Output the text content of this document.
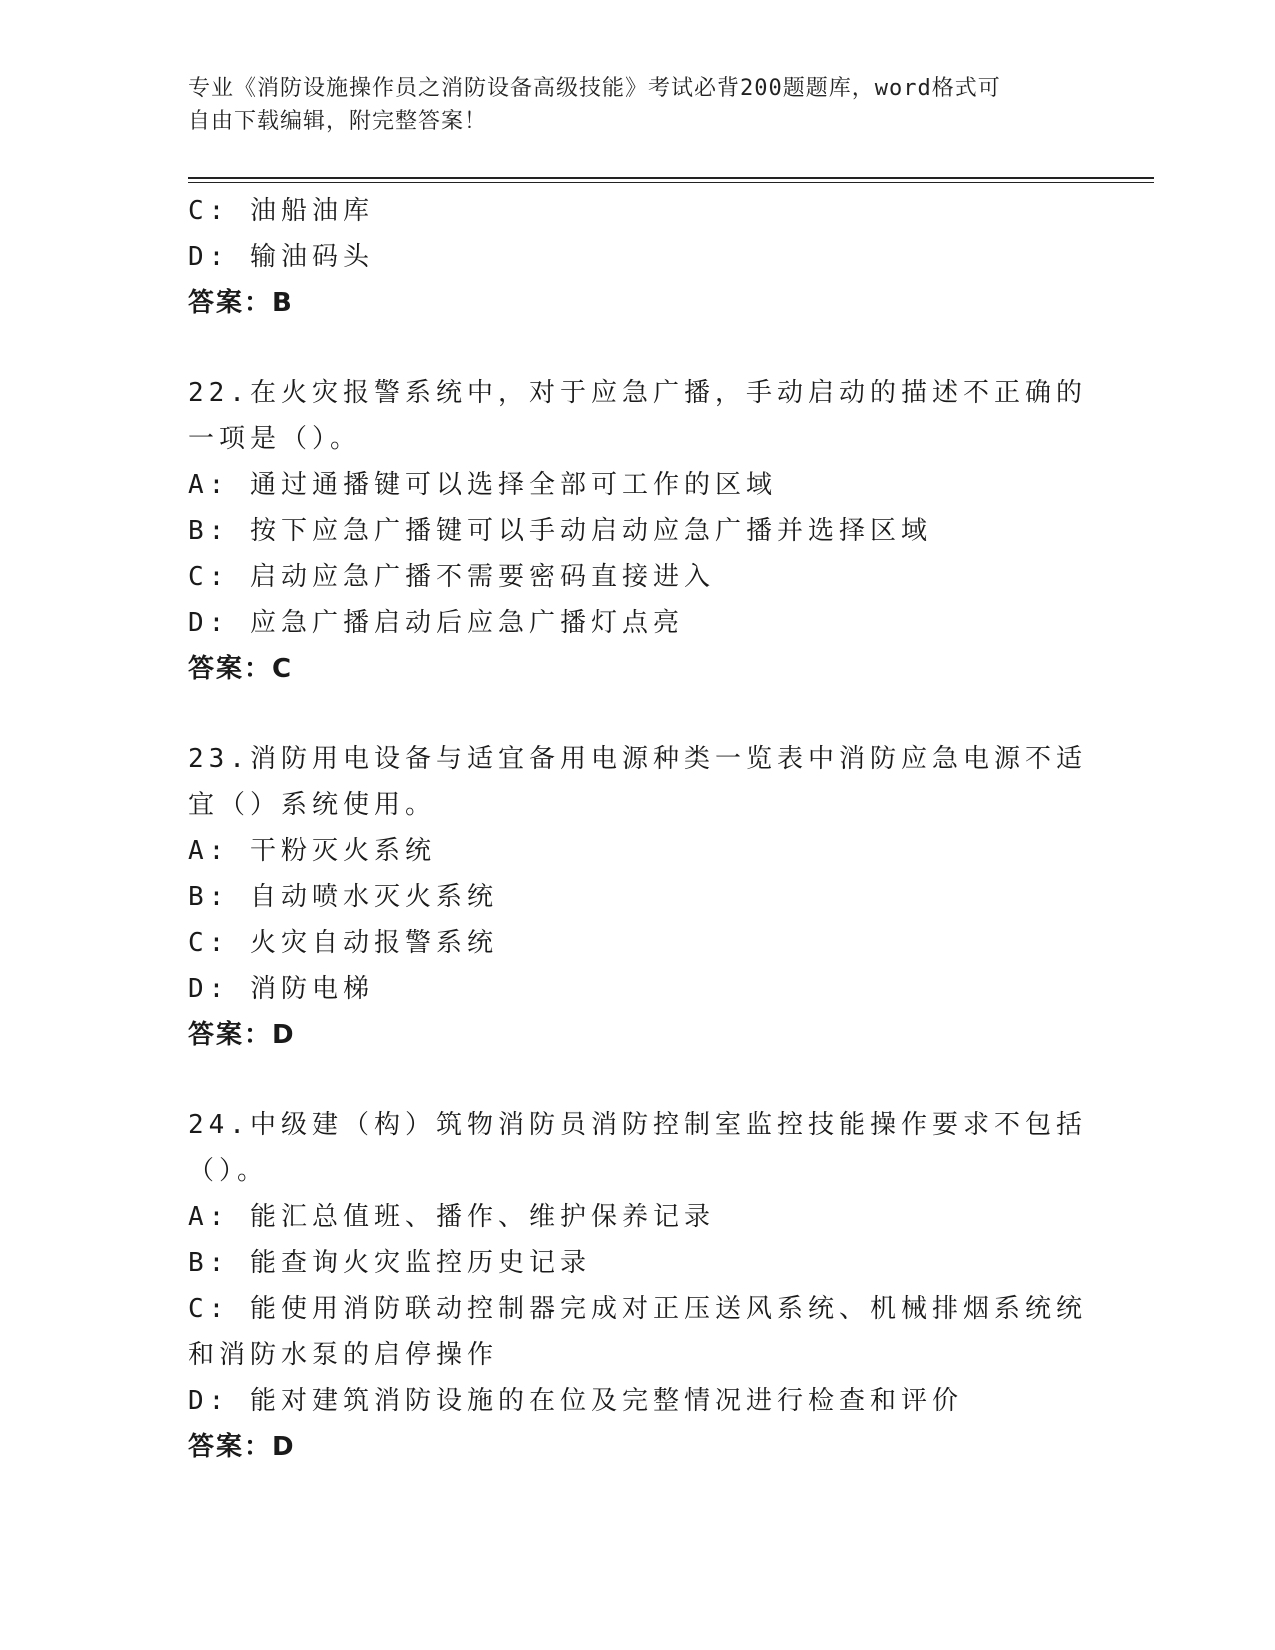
专业《消防设施操作员之消防设备高级技能》考试必背200题题库，word格式可
自由下载编辑，附完整答案！
C: 油船油库
D: 输油码头
答案：B
22.在火灾报警系统中，对于应急广播，手动启动的描述不正确的一项是（）。
A: 通过通播键可以选择全部可工作的区域
B: 按下应急广播键可以手动启动应急广播并选择区域
C: 启动应急广播不需要密码直接进入
D: 应急广播启动后应急广播灯点亮
答案：C
23.消防用电设备与适宜备用电源种类一览表中消防应急电源不适宜（）系统使用。
A: 干粉灭火系统
B: 自动喷水灭火系统
C: 火灾自动报警系统
D: 消防电梯
答案：D
24.中级建（构）筑物消防员消防控制室监控技能操作要求不包括（）。
A: 能汇总值班、播作、维护保养记录
B: 能查询火灾监控历史记录
C: 能使用消防联动控制器完成对正压送风系统、机械排烟系统统和消防水泵的启停操作
D: 能对建筑消防设施的在位及完整情况进行检查和评价
答案：D
